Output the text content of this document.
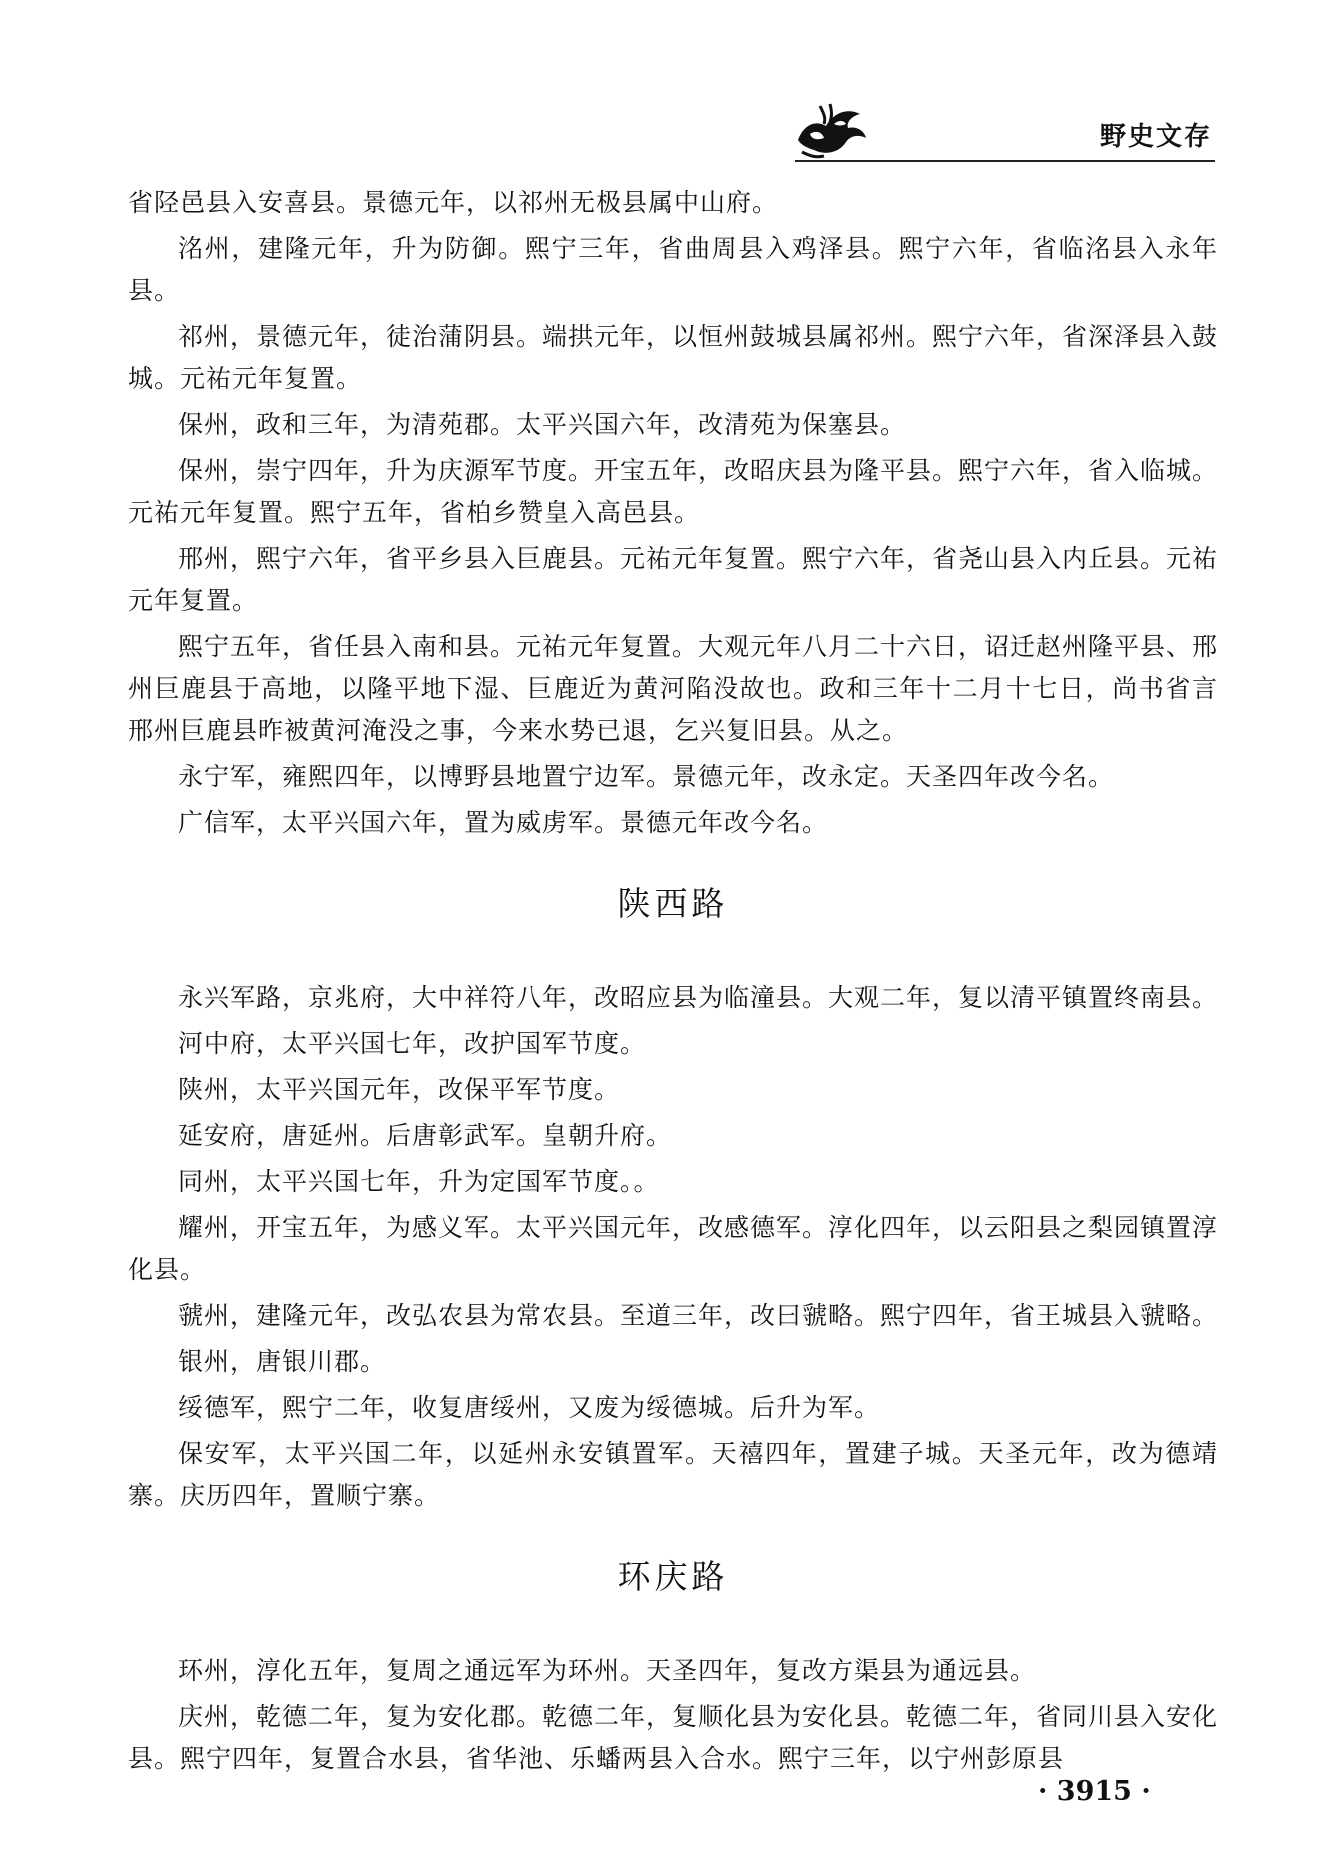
野史文存

省陉邑县入安喜县。景德元年，以祁州无极县属中山府。

洺州，建隆元年，升为防御。熙宁三年，省曲周县入鸡泽县。熙宁六年，省临洺县入永年县。

祁州，景德元年，徒治蒲阴县。端拱元年，以恒州鼓城县属祁州。熙宁六年，省深泽县入鼓城。元祐元年复置。

保州，政和三年，为清苑郡。太平兴国六年，改清苑为保塞县。

保州，崇宁四年，升为庆源军节度。开宝五年，改昭庆县为隆平县。熙宁六年，省入临城。元祐元年复置。熙宁五年，省柏乡赞皇入高邑县。

邢州，熙宁六年，省平乡县入巨鹿县。元祐元年复置。熙宁六年，省尧山县入内丘县。元祐元年复置。

熙宁五年，省任县入南和县。元祐元年复置。大观元年八月二十六日，诏迁赵州隆平县、邢州巨鹿县于高地，以隆平地下湿、巨鹿近为黄河陷没故也。政和三年十二月十七日，尚书省言邢州巨鹿县昨被黄河淹没之事，今来水势已退，乞兴复旧县。从之。

永宁军，雍熙四年，以博野县地置宁边军。景德元年，改永定。天圣四年改今名。

广信军，太平兴国六年，置为威虏军。景德元年改今名。

陕西路

永兴军路，京兆府，大中祥符八年，改昭应县为临潼县。大观二年，复以清平镇置终南县。

河中府，太平兴国七年，改护国军节度。

陕州，太平兴国元年，改保平军节度。

延安府，唐延州。后唐彰武军。皇朝升府。

同州，太平兴国七年，升为定国军节度。。

耀州，开宝五年，为感义军。太平兴国元年，改感德军。淳化四年，以云阳县之梨园镇置淳化县。

虢州，建隆元年，改弘农县为常农县。至道三年，改曰虢略。熙宁四年，省王城县入虢略。

银州，唐银川郡。

绥德军，熙宁二年，收复唐绥州，又废为绥德城。后升为军。

保安军，太平兴国二年，以延州永安镇置军。天禧四年，置建子城。天圣元年，改为德靖寨。庆历四年，置顺宁寨。

环庆路

环州，淳化五年，复周之通远军为环州。天圣四年，复改方渠县为通远县。

庆州，乾德二年，复为安化郡。乾德二年，复顺化县为安化县。乾德二年，省同川县入安化县。熙宁四年，复置合水县，省华池、乐蟠两县入合水。熙宁三年，以宁州彭原县

· 3915 ·
